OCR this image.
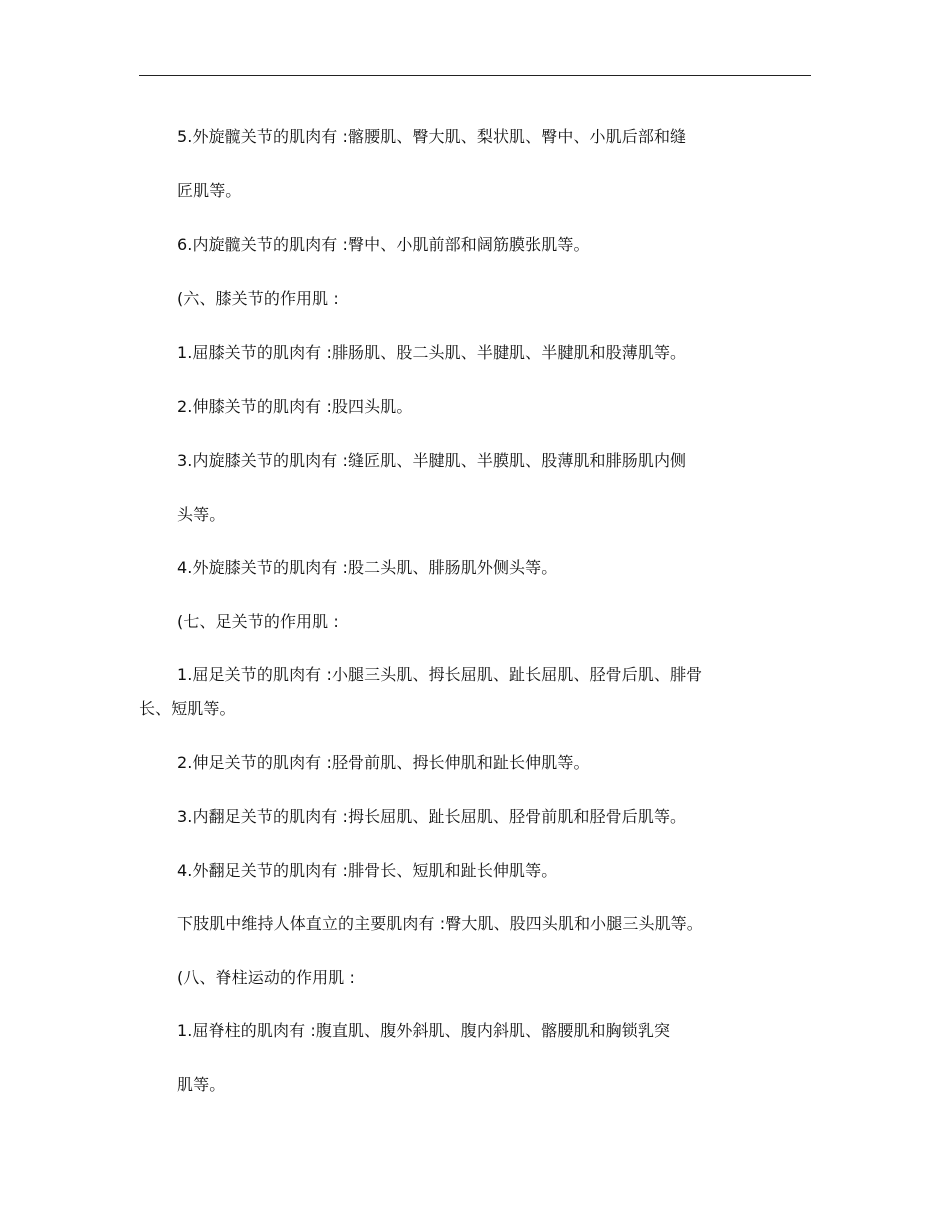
5.外旋髋关节的肌肉有 :髂腰肌、臀大肌、梨状肌、臀中、小肌后部和缝
匠肌等。
6.内旋髋关节的肌肉有 :臀中、小肌前部和阔筋膜张肌等。
(六、膝关节的作用肌 :
1.屈膝关节的肌肉有 :腓肠肌、股二头肌、半腱肌、半腱肌和股薄肌等。
2.伸膝关节的肌肉有 :股四头肌。
3.内旋膝关节的肌肉有 :缝匠肌、半腱肌、半膜肌、股薄肌和腓肠肌内侧
头等。
4.外旋膝关节的肌肉有 :股二头肌、腓肠肌外侧头等。
(七、足关节的作用肌 :
1.屈足关节的肌肉有 :小腿三头肌、拇长屈肌、趾长屈肌、胫骨后肌、腓骨
长、短肌等。
2.伸足关节的肌肉有 :胫骨前肌、拇长伸肌和趾长伸肌等。
3.内翻足关节的肌肉有 :拇长屈肌、趾长屈肌、胫骨前肌和胫骨后肌等。
4.外翻足关节的肌肉有 :腓骨长、短肌和趾长伸肌等。
下肢肌中维持人体直立的主要肌肉有 :臀大肌、股四头肌和小腿三头肌等。
(八、脊柱运动的作用肌 :
1.屈脊柱的肌肉有 :腹直肌、腹外斜肌、腹内斜肌、髂腰肌和胸锁乳突
肌等。
